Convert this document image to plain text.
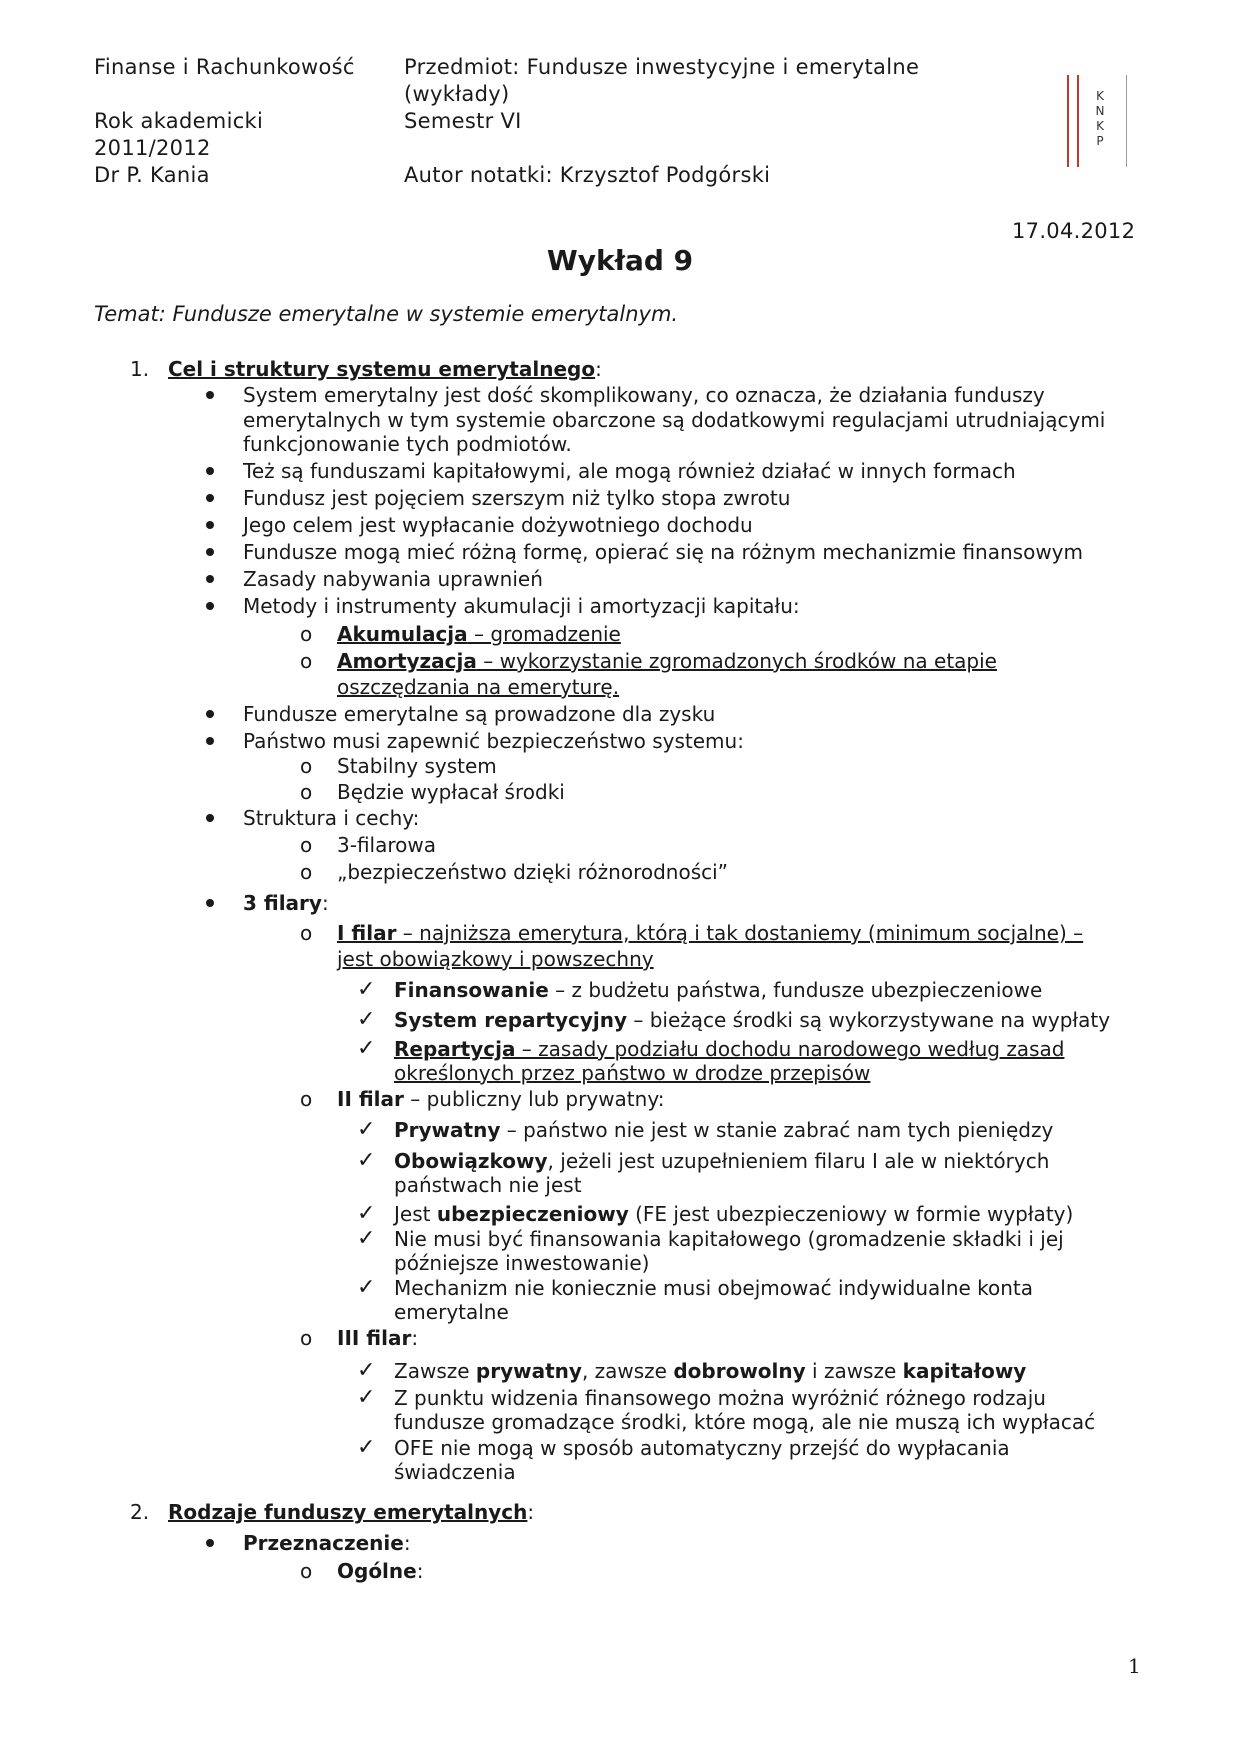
Finanse i Rachunkowość
Rok akademicki
2011/2012
Dr P. Kania
Przedmiot: Fundusze inwestycyjne i emerytalne
(wykłady)
Semestr VI
Autor notatki: Krzysztof Podgórski
K N K P
17.04.2012
Wykład 9
Temat: Fundusze emerytalne w systemie emerytalnym.
1. Cel i struktury systemu emerytalnego:
System emerytalny jest dość skomplikowany, co oznacza, że działania funduszy
emerytalnych w tym systemie obarczone są dodatkowymi regulacjami utrudniającymi
funkcjonowanie tych podmiotów.
Też są funduszami kapitałowymi, ale mogą również działać w innych formach
Fundusz jest pojęciem szerszym niż tylko stopa zwrotu
Jego celem jest wypłacanie dożywotniego dochodu
Fundusze mogą mieć różną formę, opierać się na różnym mechanizmie finansowym
Zasady nabywania uprawnień
Metody i instrumenty akumulacji i amortyzacji kapitału:
o Akumulacja – gromadzenie
o Amortyzacja – wykorzystanie zgromadzonych środków na etapie
oszczędzania na emeryturę.
Fundusze emerytalne są prowadzone dla zysku
Państwo musi zapewnić bezpieczeństwo systemu:
o Stabilny system
o Będzie wypłacał środki
Struktura i cechy:
o 3-filarowa
o „bezpieczeństwo dzięki różnorodności”
3 filary:
o I filar – najniższa emerytura, którą i tak dostaniemy (minimum socjalne) –
jest obowiązkowy i powszechny
✓ Finansowanie – z budżetu państwa, fundusze ubezpieczeniowe
✓ System repartycyjny – bieżące środki są wykorzystywane na wypłaty
✓ Repartycja – zasady podziału dochodu narodowego według zasad
określonych przez państwo w drodze przepisów
o II filar – publiczny lub prywatny:
✓ Prywatny – państwo nie jest w stanie zabrać nam tych pieniędzy
✓ Obowiązkowy, jeżeli jest uzupełnieniem filaru I ale w niektórych
państwach nie jest
✓ Jest ubezpieczeniowy (FE jest ubezpieczeniowy w formie wypłaty)
✓ Nie musi być finansowania kapitałowego (gromadzenie składki i jej
późniejsze inwestowanie)
✓ Mechanizm nie koniecznie musi obejmować indywidualne konta
emerytalne
o III filar:
✓ Zawsze prywatny, zawsze dobrowolny i zawsze kapitałowy
✓ Z punktu widzenia finansowego można wyróżnić różnego rodzaju
fundusze gromadzące środki, które mogą, ale nie muszą ich wypłacać
✓ OFE nie mogą w sposób automatyczny przejść do wypłacania
świadczenia
2. Rodzaje funduszy emerytalnych:
Przeznaczenie:
o Ogólne:
1
